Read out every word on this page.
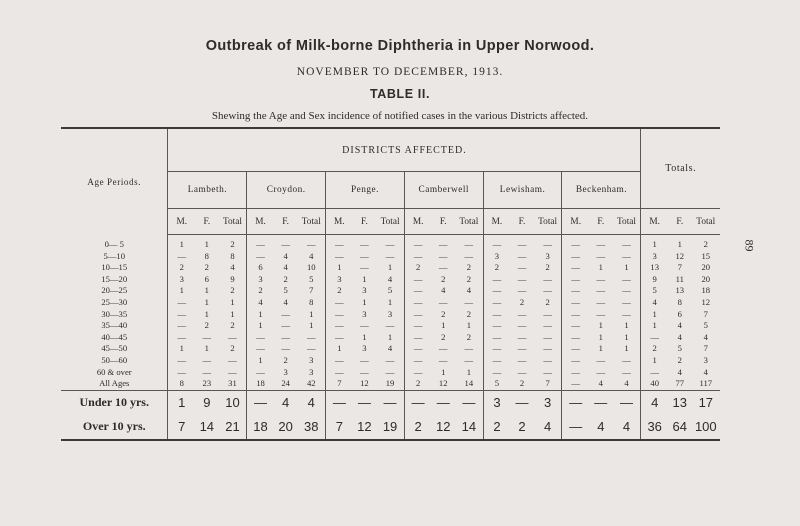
Outbreak of Milk-borne Diphtheria in Upper Norwood.
NOVEMBER TO DECEMBER, 1913.
TABLE II.
Shewing the Age and Sex incidence of notified cases in the various Districts affected.
89
Age Periods.	DISTRICTS AFFECTED.																		Totals.		
	Lambeth.			Croydon.			Penge.			Camberwell			Lewisham.			Beckenham.					
	M.	F.	Total	M.	F.	Total	M.	F.	Total	M.	F.	Total	M.	F.	Total	M.	F.	Total	M.	F.	Total
0— 5	1	1	2	—	—	—	—	—	—	—	—	—	—	—	—	—	—	—	1	1	2
5—10	—	8	8	—	4	4	—	—	—	—	—	—	3	—	3	—	—	—	3	12	15
10—15	2	2	4	6	4	10	1	—	1	2	—	2	2	—	2	—	1	1	13	7	20
15—20	3	6	9	3	2	5	3	1	4	—	2	2	—	—	—	—	—	—	9	11	20
20—25	1	1	2	2	5	7	2	3	5	—	4	4	—	—	—	—	—	—	5	13	18
25—30	—	1	1	4	4	8	—	1	1	—	—	—	—	2	2	—	—	—	4	8	12
30—35	—	1	1	1	—	1	—	3	3	—	2	2	—	—	—	—	—	—	1	6	7
35—40	—	2	2	1	—	1	—	—	—	—	1	1	—	—	—	—	1	1	1	4	5
40—45	—	—	—	—	—	—	—	1	1	—	2	2	—	—	—	—	1	1	—	4	4
45—50	1	1	2	—	—	—	1	3	4	—	—	—	—	—	—	—	1	1	2	5	7
50—60	—	—	—	1	2	3	—	—	—	—	—	—	—	—	—	—	—	—	1	2	3
60 & over	—	—	—	—	3	3	—	—	—	—	1	1	—	—	—	—	—	—	—	4	4
All Ages	8	23	31	18	24	42	7	12	19	2	12	14	5	2	7	—	4	4	40	77	117
Under 10 yrs.	1	9	10	—	4	4	—	—	—	—	—	—	3	—	3	—	—	—	4	13	17
Over 10 yrs.	7	14	21	18	20	38	7	12	19	2	12	14	2	2	4	—	4	4	36	64	100
